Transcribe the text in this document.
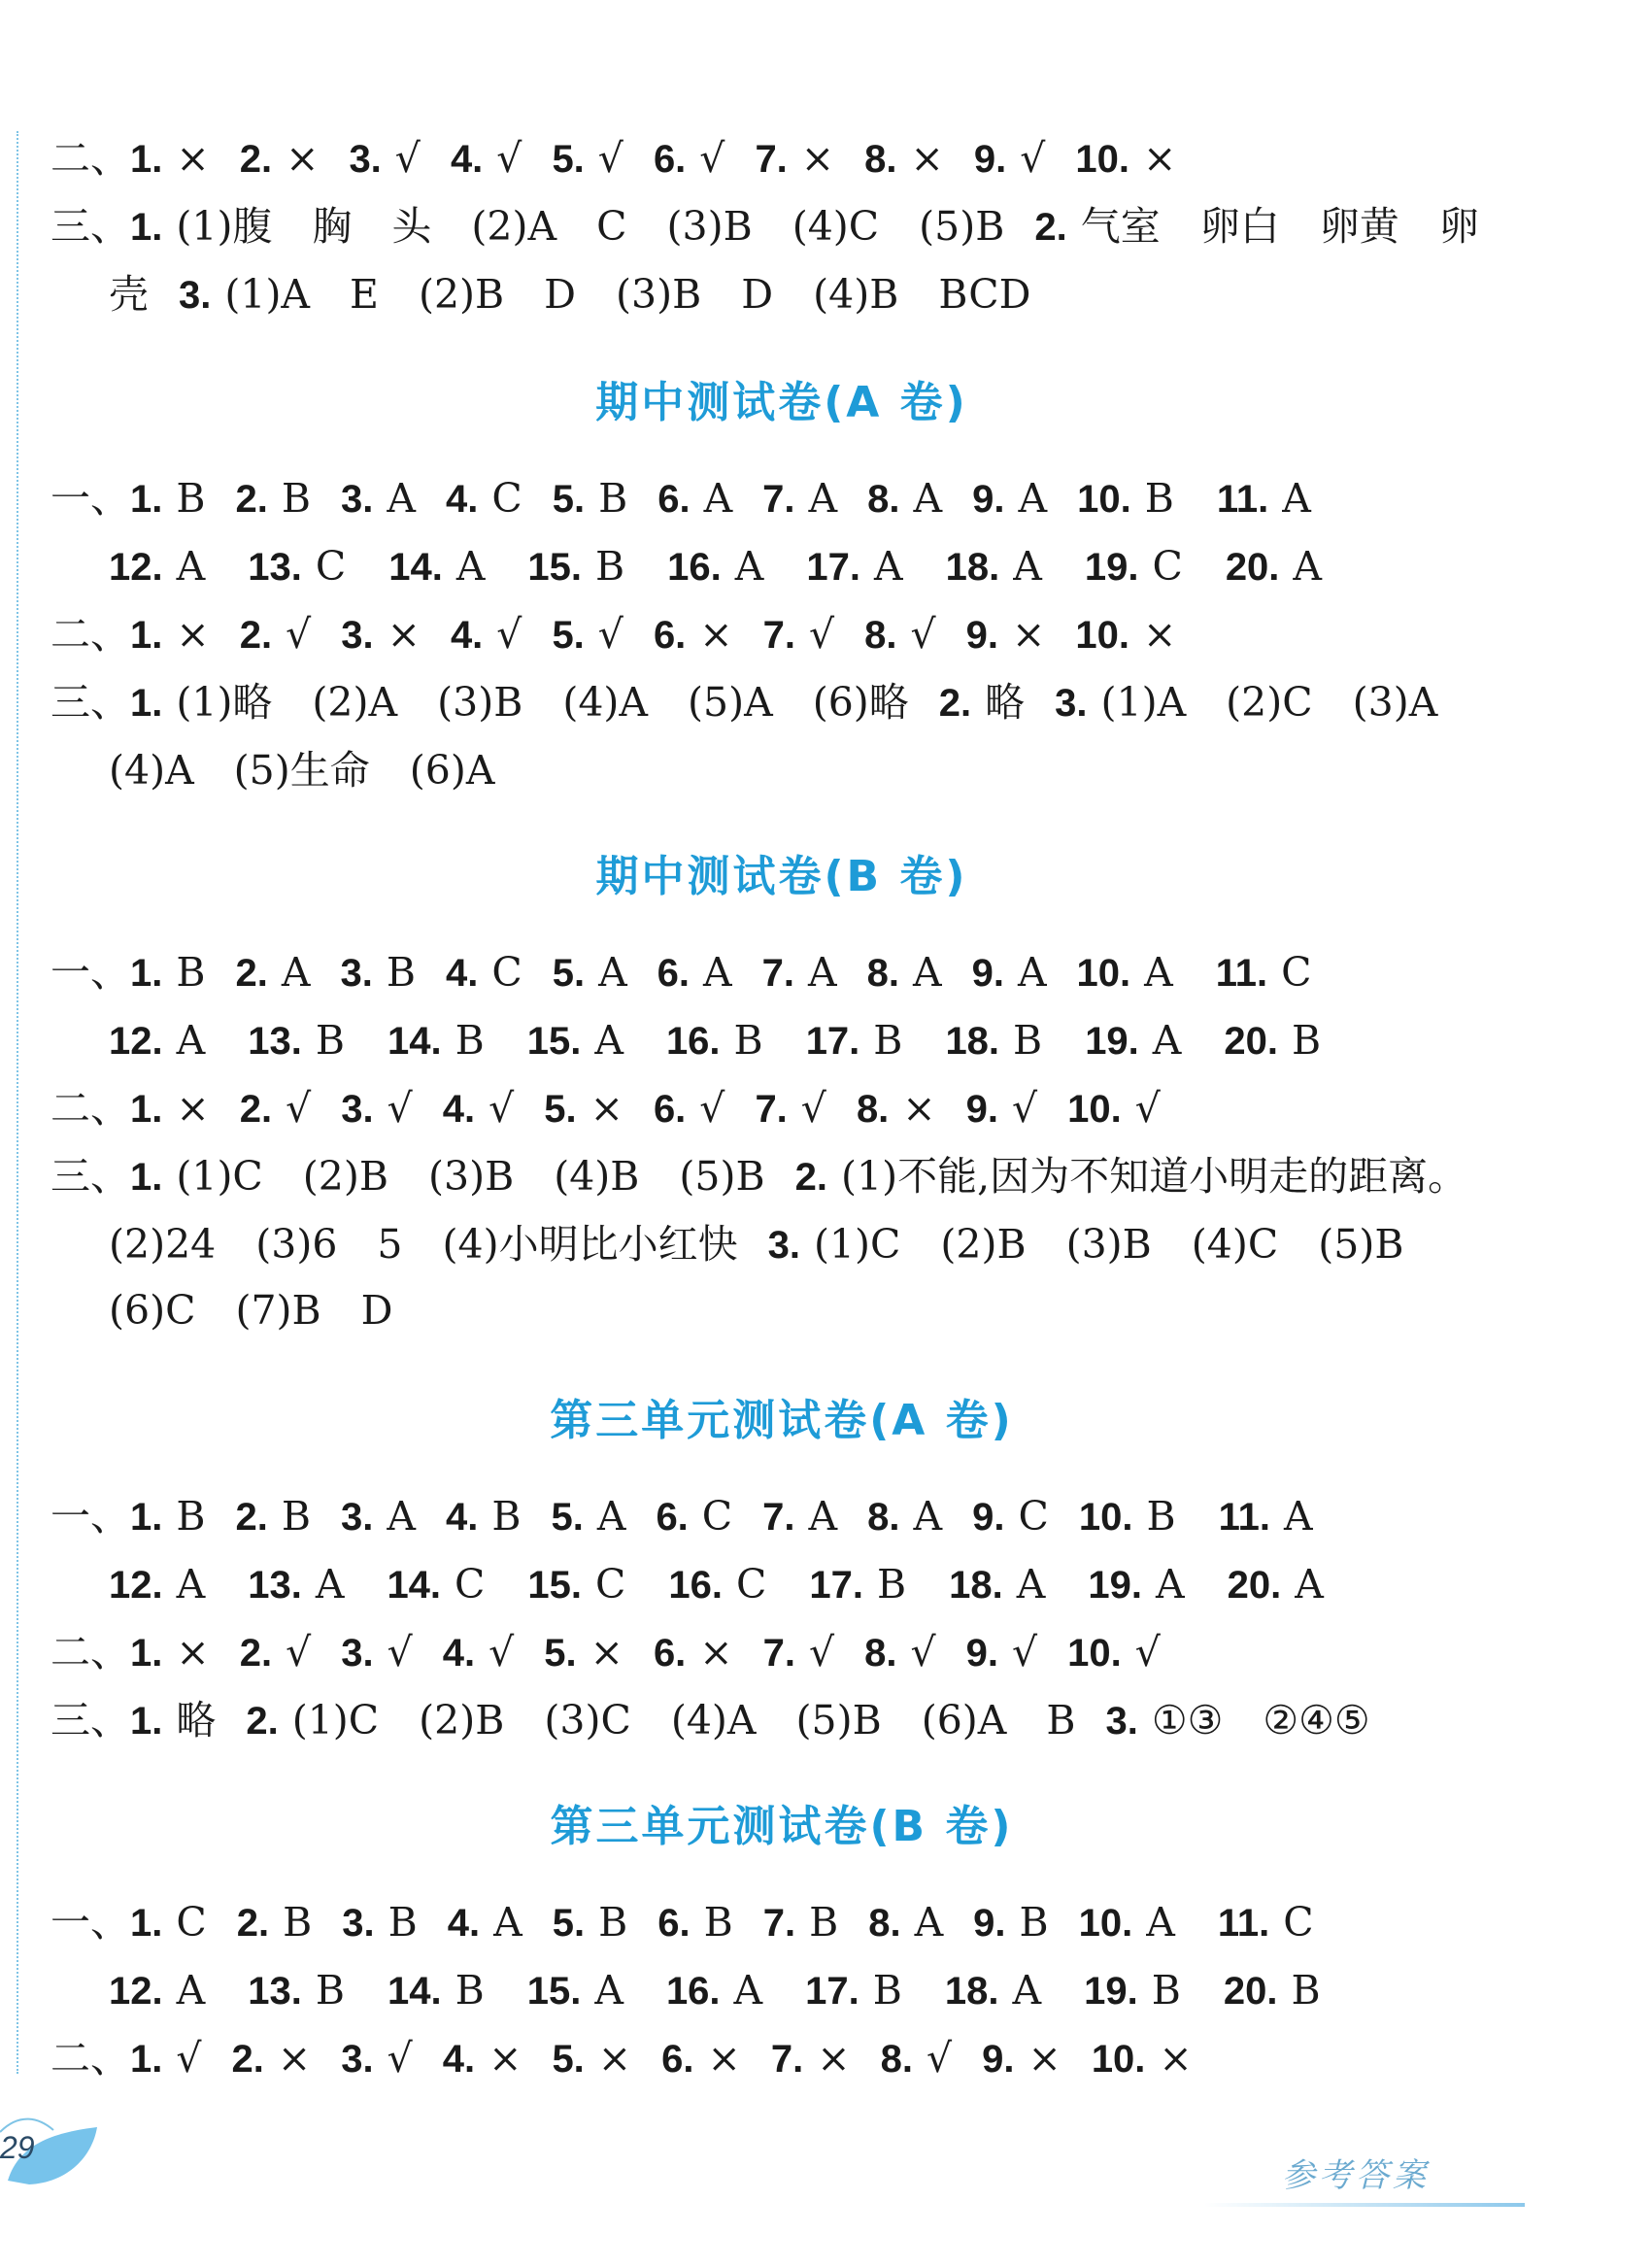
二、1. × 2. × 3. √ 4. √ 5. √ 6. √ 7. × 8. × 9. √ 10. ×
三、1. (1)腹　胸　头　(2)A　C　(3)B　(4)C　(5)B 2. 气室　卵白　卵黄　卵
壳 3. (1)A　E　(2)B　D　(3)B　D　(4)B　BCD
期中测试卷(A 卷)
一、1. B 2. B 3. A 4. C 5. B 6. A 7. A 8. A 9. A 10. B 11. A
12. A 13. C 14. A 15. B 16. A 17. A 18. A 19. C 20. A
二、1. × 2. √ 3. × 4. √ 5. √ 6. × 7. √ 8. √ 9. × 10. ×
三、1. (1)略　(2)A　(3)B　(4)A　(5)A　(6)略 2. 略 3. (1)A　(2)C　(3)A
(4)A　(5)生命　(6)A
期中测试卷(B 卷)
一、1. B 2. A 3. B 4. C 5. A 6. A 7. A 8. A 9. A 10. A 11. C
12. A 13. B 14. B 15. A 16. B 17. B 18. B 19. A 20. B
二、1. × 2. √ 3. √ 4. √ 5. × 6. √ 7. √ 8. × 9. √ 10. √
三、1. (1)C　(2)B　(3)B　(4)B　(5)B 2. (1)不能,因为不知道小明走的距离。
(2)24　(3)6　5　(4)小明比小红快 3. (1)C　(2)B　(3)B　(4)C　(5)B
(6)C　(7)B　D
第三单元测试卷(A 卷)
一、1. B 2. B 3. A 4. B 5. A 6. C 7. A 8. A 9. C 10. B 11. A
12. A 13. A 14. C 15. C 16. C 17. B 18. A 19. A 20. A
二、1. × 2. √ 3. √ 4. √ 5. × 6. × 7. √ 8. √ 9. √ 10. √
三、1. 略 2. (1)C　(2)B　(3)C　(4)A　(5)B　(6)A　B 3. ①③　②④⑤
第三单元测试卷(B 卷)
一、1. C 2. B 3. B 4. A 5. B 6. B 7. B 8. A 9. B 10. A 11. C
12. A 13. B 14. B 15. A 16. A 17. B 18. A 19. B 20. B
二、1. √ 2. × 3. √ 4. × 5. × 6. × 7. × 8. √ 9. × 10. ×
29
参考答案
